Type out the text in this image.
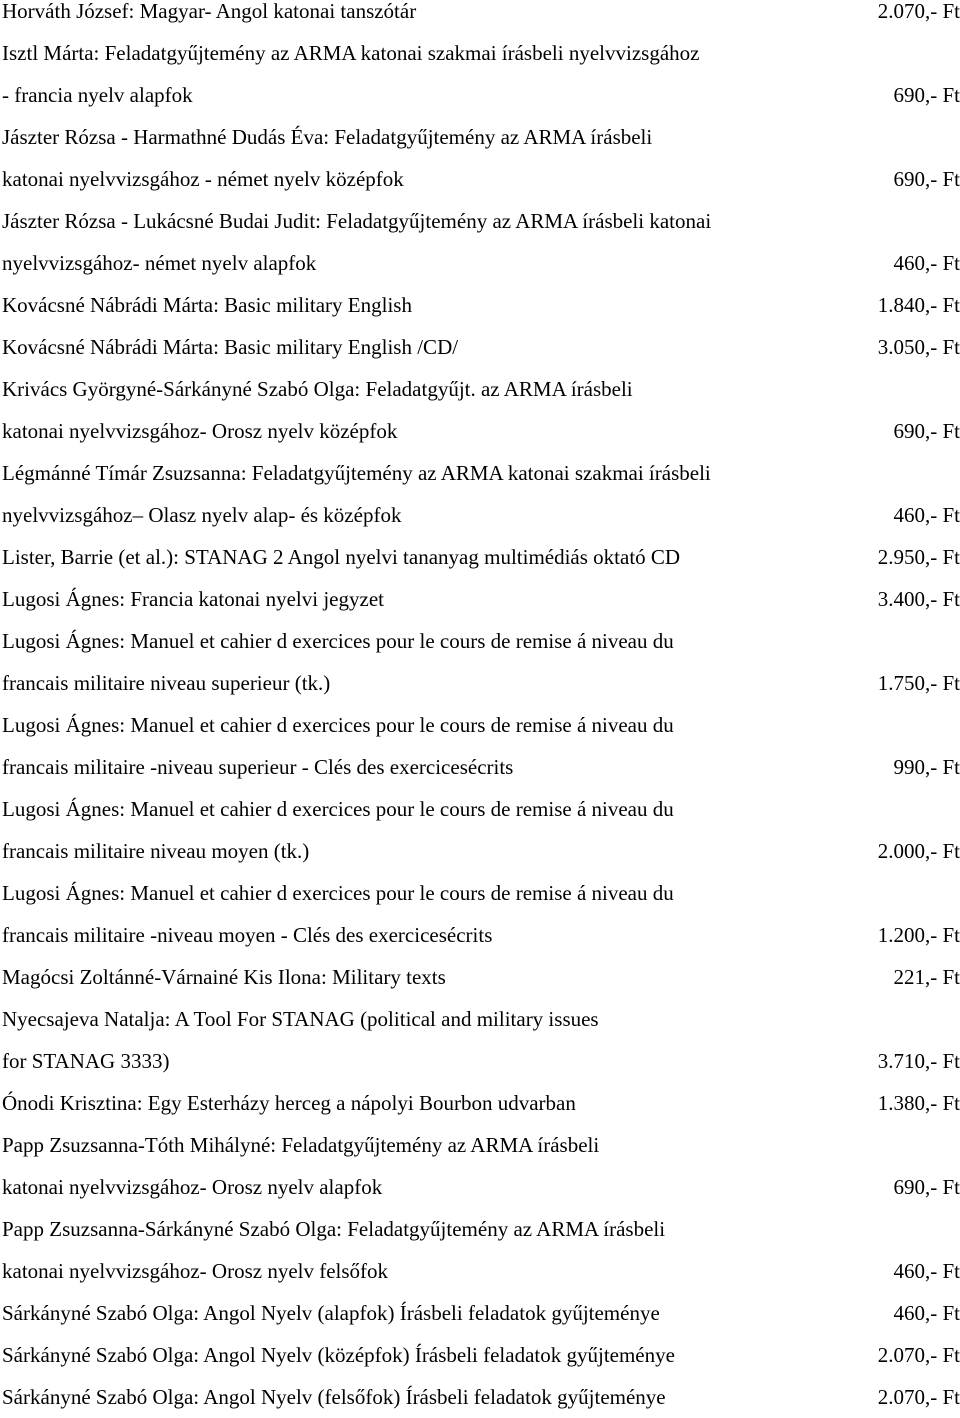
Horváth József: Magyar- Angol katonai tanszótár	2.070,- Ft
Isztl Márta: Feladatgyűjtemény az ARMA katonai szakmai írásbeli nyelvvizsgához
- francia nyelv alapfok	690,- Ft
Jászter Rózsa - Harmathné Dudás Éva: Feladatgyűjtemény az ARMA írásbeli
katonai nyelvvizsgához - német nyelv középfok	690,- Ft
Jászter Rózsa - Lukácsné Budai Judit: Feladatgyűjtemény az ARMA írásbeli katonai
nyelvvizsgához- német nyelv alapfok	460,- Ft
Kovácsné Nábrádi Márta: Basic military English	1.840,- Ft
Kovácsné Nábrádi Márta: Basic military English /CD/	3.050,- Ft
Krivács Györgyné-Sárkányné Szabó Olga: Feladatgyűjt. az ARMA írásbeli
katonai nyelvvizsgához- Orosz nyelv középfok	690,- Ft
Légmánné Tímár Zsuzsanna: Feladatgyűjtemény az ARMA katonai szakmai írásbeli
nyelvvizsgához– Olasz nyelv alap- és középfok	460,- Ft
Lister, Barrie (et al.): STANAG 2 Angol nyelvi tananyag multimédiás oktató CD	2.950,- Ft
Lugosi Ágnes: Francia katonai nyelvi jegyzet	3.400,- Ft
Lugosi Ágnes: Manuel et cahier d exercices pour le cours de remise á niveau du
francais militaire niveau superieur (tk.)	1.750,- Ft
Lugosi Ágnes: Manuel et cahier d exercices pour le cours de remise á niveau du
francais militaire -niveau superieur - Clés des exercicesécrits	990,- Ft
Lugosi Ágnes: Manuel et cahier d exercices pour le cours de remise á niveau du
francais militaire niveau moyen (tk.)	2.000,- Ft
Lugosi Ágnes: Manuel et cahier d exercices pour le cours de remise á niveau du
francais militaire -niveau moyen - Clés des exercicesécrits	1.200,- Ft
Magócsi Zoltánné-Várnainé Kis Ilona: Military texts	221,- Ft
Nyecsajeva Natalja: A Tool For STANAG (political and military issues
for STANAG 3333)	3.710,- Ft
Ónodi Krisztina: Egy Esterházy herceg a nápolyi Bourbon udvarban	1.380,- Ft
Papp Zsuzsanna-Tóth Mihályné: Feladatgyűjtemény az ARMA írásbeli
katonai nyelvvizsgához- Orosz nyelv alapfok	690,- Ft
Papp Zsuzsanna-Sárkányné Szabó Olga: Feladatgyűjtemény az ARMA írásbeli
katonai nyelvvizsgához- Orosz nyelv felsőfok	460,- Ft
Sárkányné Szabó Olga: Angol Nyelv (alapfok) Írásbeli feladatok gyűjteménye	460,- Ft
Sárkányné Szabó Olga: Angol Nyelv (középfok) Írásbeli feladatok gyűjteménye	2.070,- Ft
Sárkányné Szabó Olga: Angol Nyelv (felsőfok) Írásbeli feladatok gyűjteménye	2.070,- Ft
